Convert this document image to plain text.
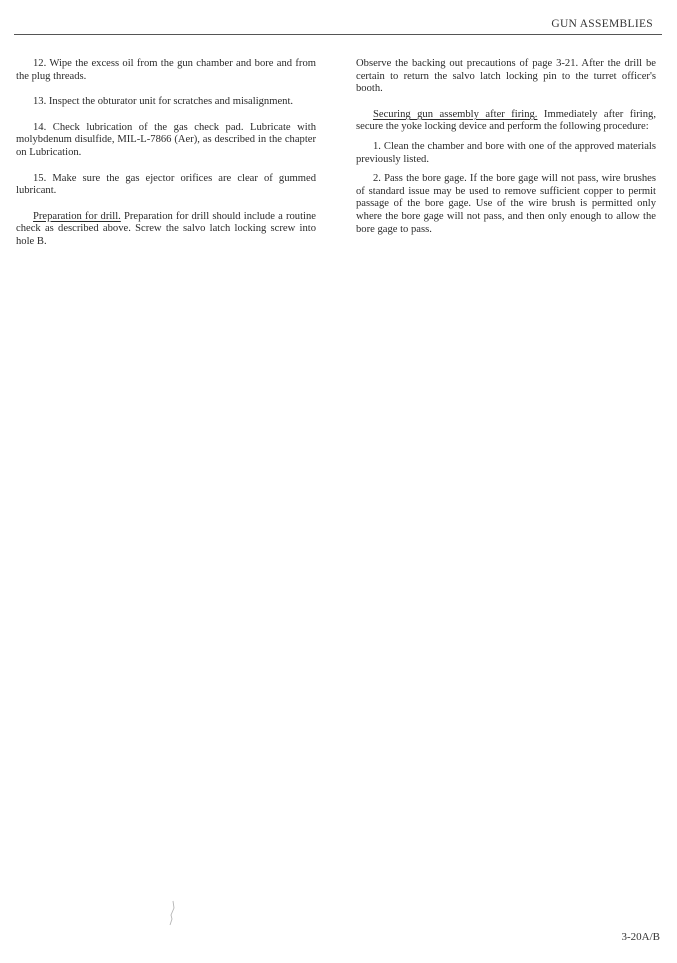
GUN ASSEMBLIES

12. Wipe the excess oil from the gun chamber and bore and from the plug threads.

13. Inspect the obturator unit for scratches and misalignment.

14. Check lubrication of the gas check pad. Lubricate with molybdenum disulfide, MIL-L-7866 (Aer), as described in the chapter on Lubrication.

15. Make sure the gas ejector orifices are clear of gummed lubricant.

Preparation for drill. Preparation for drill should include a routine check as described above. Screw the salvo latch locking screw into hole B.

Observe the backing out precautions of page 3-21. After the drill be certain to return the salvo latch locking pin to the turret officer's booth.

Securing gun assembly after firing. Immediately after firing, secure the yoke locking device and perform the following procedure:

1. Clean the chamber and bore with one of the approved materials previously listed.

2. Pass the bore gage. If the bore gage will not pass, wire brushes of standard issue may be used to remove sufficient copper to permit passage of the bore gage. Use of the wire brush is permitted only where the bore gage will not pass, and then only enough to allow the bore gage to pass.

3-20A/B
